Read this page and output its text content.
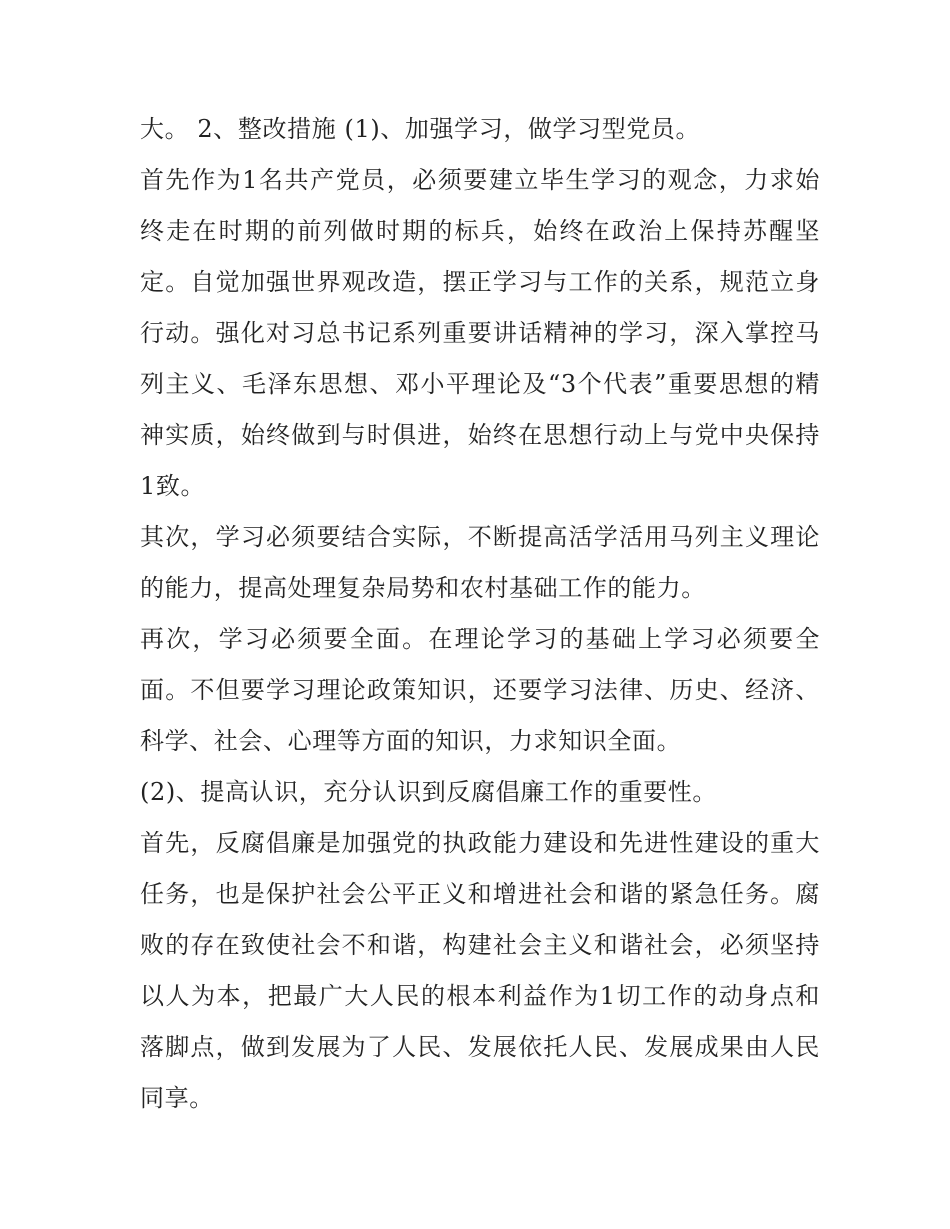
大。 2、整改措施 (1)、加强学习，做学习型党员。

首先作为1名共产党员，必须要建立毕生学习的观念，力求始终走在时期的前列做时期的标兵，始终在政治上保持苏醒坚定。自觉加强世界观改造，摆正学习与工作的关系，规范立身行动。强化对习总书记系列重要讲话精神的学习，深入掌控马列主义、毛泽东思想、邓小平理论及“3个代表”重要思想的精神实质，始终做到与时俱进，始终在思想行动上与党中央保持1致。

其次，学习必须要结合实际，不断提高活学活用马列主义理论的能力，提高处理复杂局势和农村基础工作的能力。

再次，学习必须要全面。在理论学习的基础上学习必须要全面。不但要学习理论政策知识，还要学习法律、历史、经济、科学、社会、心理等方面的知识，力求知识全面。

(2)、提高认识，充分认识到反腐倡廉工作的重要性。

首先，反腐倡廉是加强党的执政能力建设和先进性建设的重大任务，也是保护社会公平正义和增进社会和谐的紧急任务。腐败的存在致使社会不和谐，构建社会主义和谐社会，必须坚持以人为本，把最广大人民的根本利益作为1切工作的动身点和落脚点，做到发展为了人民、发展依托人民、发展成果由人民同享。
